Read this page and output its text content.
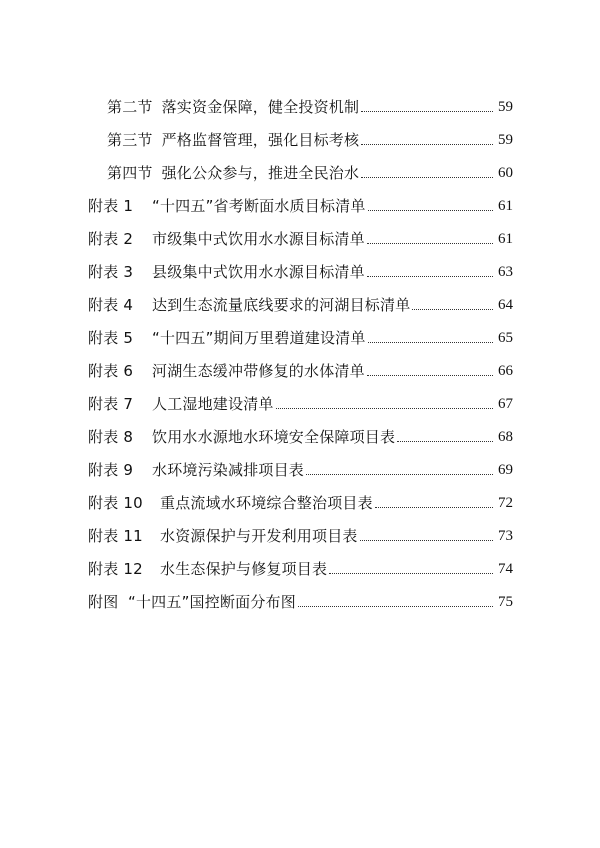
第二节 落实资金保障，健全投资机制	59
第三节 严格监督管理，强化目标考核	59
第四节 强化公众参与，推进全民治水	60
附表 1	“十四五”省考断面水质目标清单	61
附表 2	市级集中式饮用水水源目标清单	61
附表 3	县级集中式饮用水水源目标清单	63
附表 4	达到生态流量底线要求的河湖目标清单	64
附表 5	“十四五”期间万里碧道建设清单	65
附表 6	河湖生态缓冲带修复的水体清单	66
附表 7	人工湿地建设清单	67
附表 8	饮用水水源地水环境安全保障项目表	68
附表 9	水环境污染减排项目表	69
附表 10	重点流域水环境综合整治项目表	72
附表 11	水资源保护与开发利用项目表	73
附表 12	水生态保护与修复项目表	74
附图 “十四五”国控断面分布图	75
